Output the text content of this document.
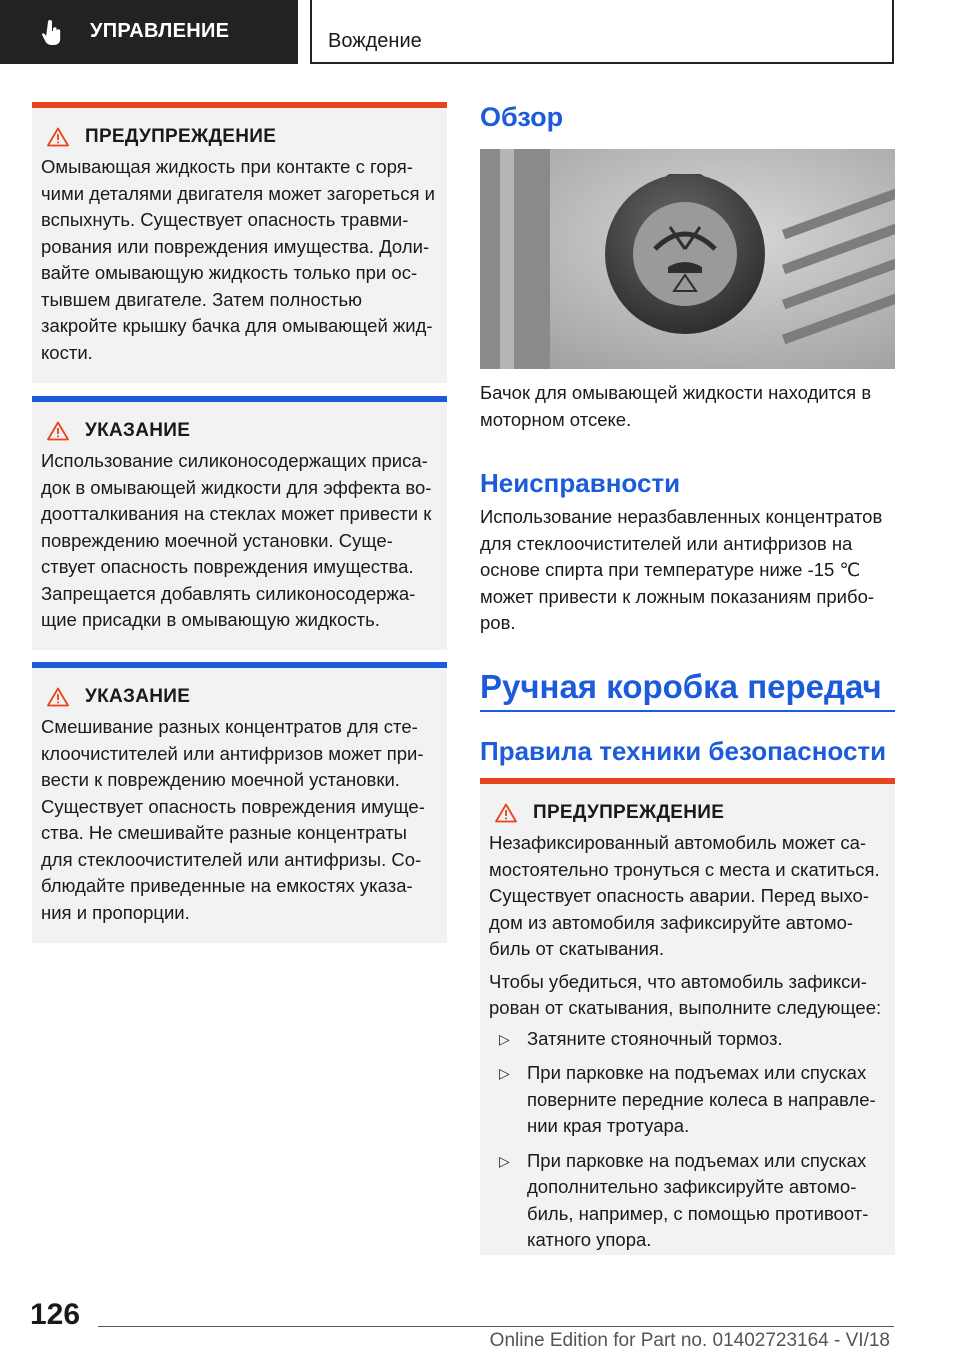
УПРАВЛЕНИЕ	Вождение
ПРЕДУПРЕЖДЕНИЕ

Омывающая жидкость при контакте с горячими деталями двигателя может загореться и вспыхнуть. Существует опасность травмирования или повреждения имущества. Доливайте омывающую жидкость только при остывшем двигателе. Затем полностью закройте крышку бачка для омывающей жидкости.

УКАЗАНИЕ

Использование силиконосодержащих присадок в омывающей жидкости для эффекта водоотталкивания на стеклах может привести к повреждению моечной установки. Существует опасность повреждения имущества. Запрещается добавлять силиконосодержащие присадки в омывающую жидкость.

УКАЗАНИЕ

Смешивание разных концентратов для стеклоочистителей или антифризов может привести к повреждению моечной установки. Существует опасность повреждения имущества. Не смешивайте разные концентраты для стеклоочистителей или антифризы. Соблюдайте приведенные на емкостях указания и пропорции.

Обзор

Бачок для омывающей жидкости находится в моторном отсеке.

Неисправности

Использование неразбавленных концентратов для стеклоочистителей или антифризов на основе спирта при температуре ниже -15 ℃ может привести к ложным показаниям приборов.

Ручная коробка передач
Правила техники безопасности
ПРЕДУПРЕЖДЕНИЕ

Незафиксированный автомобиль может самостоятельно тронуться с места и скатиться. Существует опасность аварии. Перед выходом из автомобиля зафиксируйте автомобиль от скатывания.

Чтобы убедиться, что автомобиль зафиксирован от скатывания, выполните следующее:

▷ Затяните стояночный тормоз.
▷ При парковке на подъемах или спусках поверните передние колеса в направлении края тротуара.
▷ При парковке на подъемах или спусках дополнительно зафиксируйте автомобиль, например, с помощью противооткатного упора.
126
Online Edition for Part no. 01402723164 - VI/18
